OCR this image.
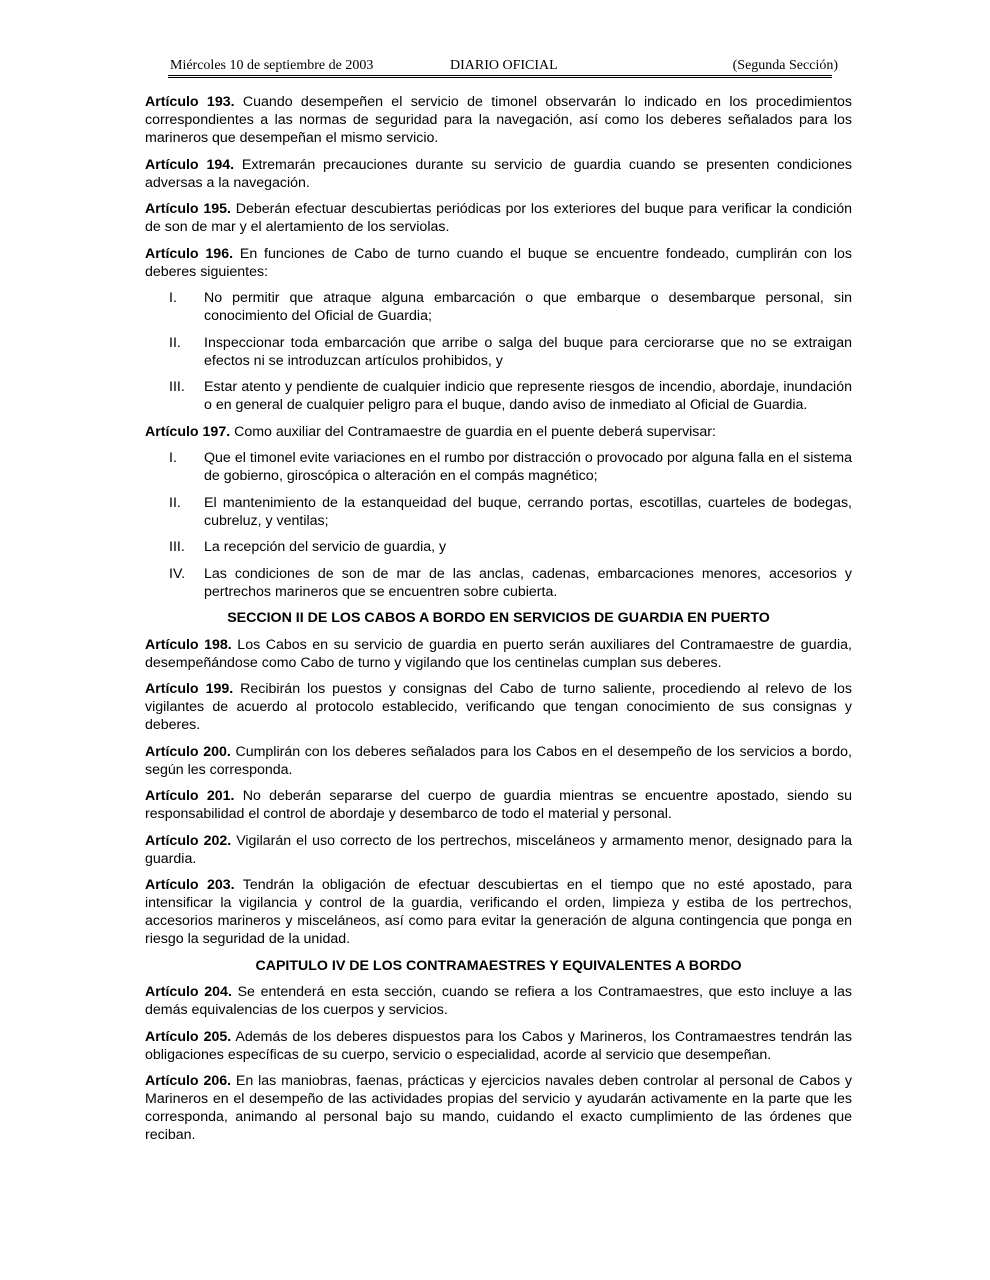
Miércoles 10 de septiembre de 2003	DIARIO OFICIAL	(Segunda Sección)

Artículo 193. Cuando desempeñen el servicio de timonel observarán lo indicado en los procedimientos correspondientes a las normas de seguridad para la navegación, así como los deberes señalados para los marineros que desempeñan el mismo servicio.

Artículo 194. Extremarán precauciones durante su servicio de guardia cuando se presenten condiciones adversas a la navegación.

Artículo 195. Deberán efectuar descubiertas periódicas por los exteriores del buque para verificar la condición de son de mar y el alertamiento de los serviolas.

Artículo 196. En funciones de Cabo de turno cuando el buque se encuentre fondeado, cumplirán con los deberes siguientes:

I. No permitir que atraque alguna embarcación o que embarque o desembarque personal, sin conocimiento del Oficial de Guardia;
II. Inspeccionar toda embarcación que arribe o salga del buque para cerciorarse que no se extraigan efectos ni se introduzcan artículos prohibidos, y
III. Estar atento y pendiente de cualquier indicio que represente riesgos de incendio, abordaje, inundación o en general de cualquier peligro para el buque, dando aviso de inmediato al Oficial de Guardia.

Artículo 197. Como auxiliar del Contramaestre de guardia en el puente deberá supervisar:

I. Que el timonel evite variaciones en el rumbo por distracción o provocado por alguna falla en el sistema de gobierno, giroscópica o alteración en el compás magnético;
II. El mantenimiento de la estanqueidad del buque, cerrando portas, escotillas, cuarteles de bodegas, cubreluz, y ventilas;
III. La recepción del servicio de guardia, y
IV. Las condiciones de son de mar de las anclas, cadenas, embarcaciones menores, accesorios y pertrechos marineros que se encuentren sobre cubierta.
SECCION II DE LOS CABOS A BORDO EN SERVICIOS DE GUARDIA EN PUERTO

Artículo 198. Los Cabos en su servicio de guardia en puerto serán auxiliares del Contramaestre de guardia, desempeñándose como Cabo de turno y vigilando que los centinelas cumplan sus deberes.

Artículo 199. Recibirán los puestos y consignas del Cabo de turno saliente, procediendo al relevo de los vigilantes de acuerdo al protocolo establecido, verificando que tengan conocimiento de sus consignas y deberes.

Artículo 200. Cumplirán con los deberes señalados para los Cabos en el desempeño de los servicios a bordo, según les corresponda.

Artículo 201. No deberán separarse del cuerpo de guardia mientras se encuentre apostado, siendo su responsabilidad el control de abordaje y desembarco de todo el material y personal.

Artículo 202. Vigilarán el uso correcto de los pertrechos, misceláneos y armamento menor, designado para la guardia.

Artículo 203. Tendrán la obligación de efectuar descubiertas en el tiempo que no esté apostado, para intensificar la vigilancia y control de la guardia, verificando el orden, limpieza y estiba de los pertrechos, accesorios marineros y misceláneos, así como para evitar la generación de alguna contingencia que ponga en riesgo la seguridad de la unidad.

CAPITULO IV DE LOS CONTRAMAESTRES Y EQUIVALENTES A BORDO

Artículo 204. Se entenderá en esta sección, cuando se refiera a los Contramaestres, que esto incluye a las demás equivalencias de los cuerpos y servicios.

Artículo 205. Además de los deberes dispuestos para los Cabos y Marineros, los Contramaestres tendrán las obligaciones específicas de su cuerpo, servicio o especialidad, acorde al servicio que desempeñan.

Artículo 206. En las maniobras, faenas, prácticas y ejercicios navales deben controlar al personal de Cabos y Marineros en el desempeño de las actividades propias del servicio y ayudarán activamente en la parte que les corresponda, animando al personal bajo su mando, cuidando el exacto cumplimiento de las órdenes que reciban.
